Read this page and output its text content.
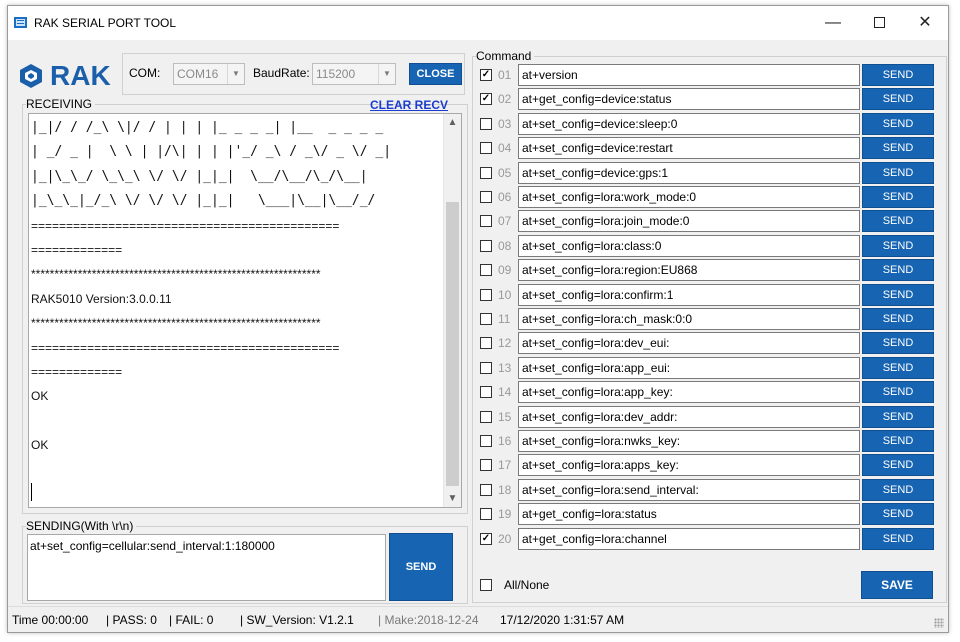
RAK SERIAL PORT TOOL	—	✕
RAK COM:	COM16	▼	BaudRate: 115200	▼	CLOSE
RECEIVING	CLEAR RECV
|_|/ / /_\ \|/ / | | | |_ _ _ _| |__  _ _ _ _
| _/ _ |  \ \ | |/\| | | |'_/ _\ / _\/ _ \/ _|
|_|\_\_/ \_\_\ \/ \/ |_|_|  \__/\__/\_/\__|
|_\_\_|_/_\ \/ \/ \/ |_|_|   \___|\__|\__/_/
============================================
=============
**************************************************************
RAK5010 Version:3.0.0.11
**************************************************************
============================================
=============
OK
OK
▲
▼
SENDING(With \r\n)
at+set_config=cellular:send_interval:1:180000
SEND
Command
✓ 01 at+version	SEND
✓ 02 at+get_config=device:status	SEND
03 at+set_config=device:sleep:0	SEND
04 at+set_config=device:restart	SEND
05 at+set_config=device:gps:1	SEND
06 at+set_config=lora:work_mode:0	SEND
07 at+set_config=lora:join_mode:0	SEND
08 at+set_config=lora:class:0	SEND
09 at+set_config=lora:region:EU868	SEND
10 at+set_config=lora:confirm:1	SEND
11 at+set_config=lora:ch_mask:0:0	SEND
12 at+set_config=lora:dev_eui:	SEND
13 at+set_config=lora:app_eui:	SEND
14 at+set_config=lora:app_key:	SEND
15 at+set_config=lora:dev_addr:	SEND
16 at+set_config=lora:nwks_key:	SEND
17 at+set_config=lora:apps_key:	SEND
18 at+set_config=lora:send_interval:	SEND
19 at+get_config=lora:status	SEND
✓ 20 at+get_config=lora:channel	SEND
All/None	SAVE
Time 00:00:00 | PASS: 0 | FAIL: 0 | SW_Version: V1.2.1 | Make:2018-12-24 17/12/2020 1:31:57 AM
